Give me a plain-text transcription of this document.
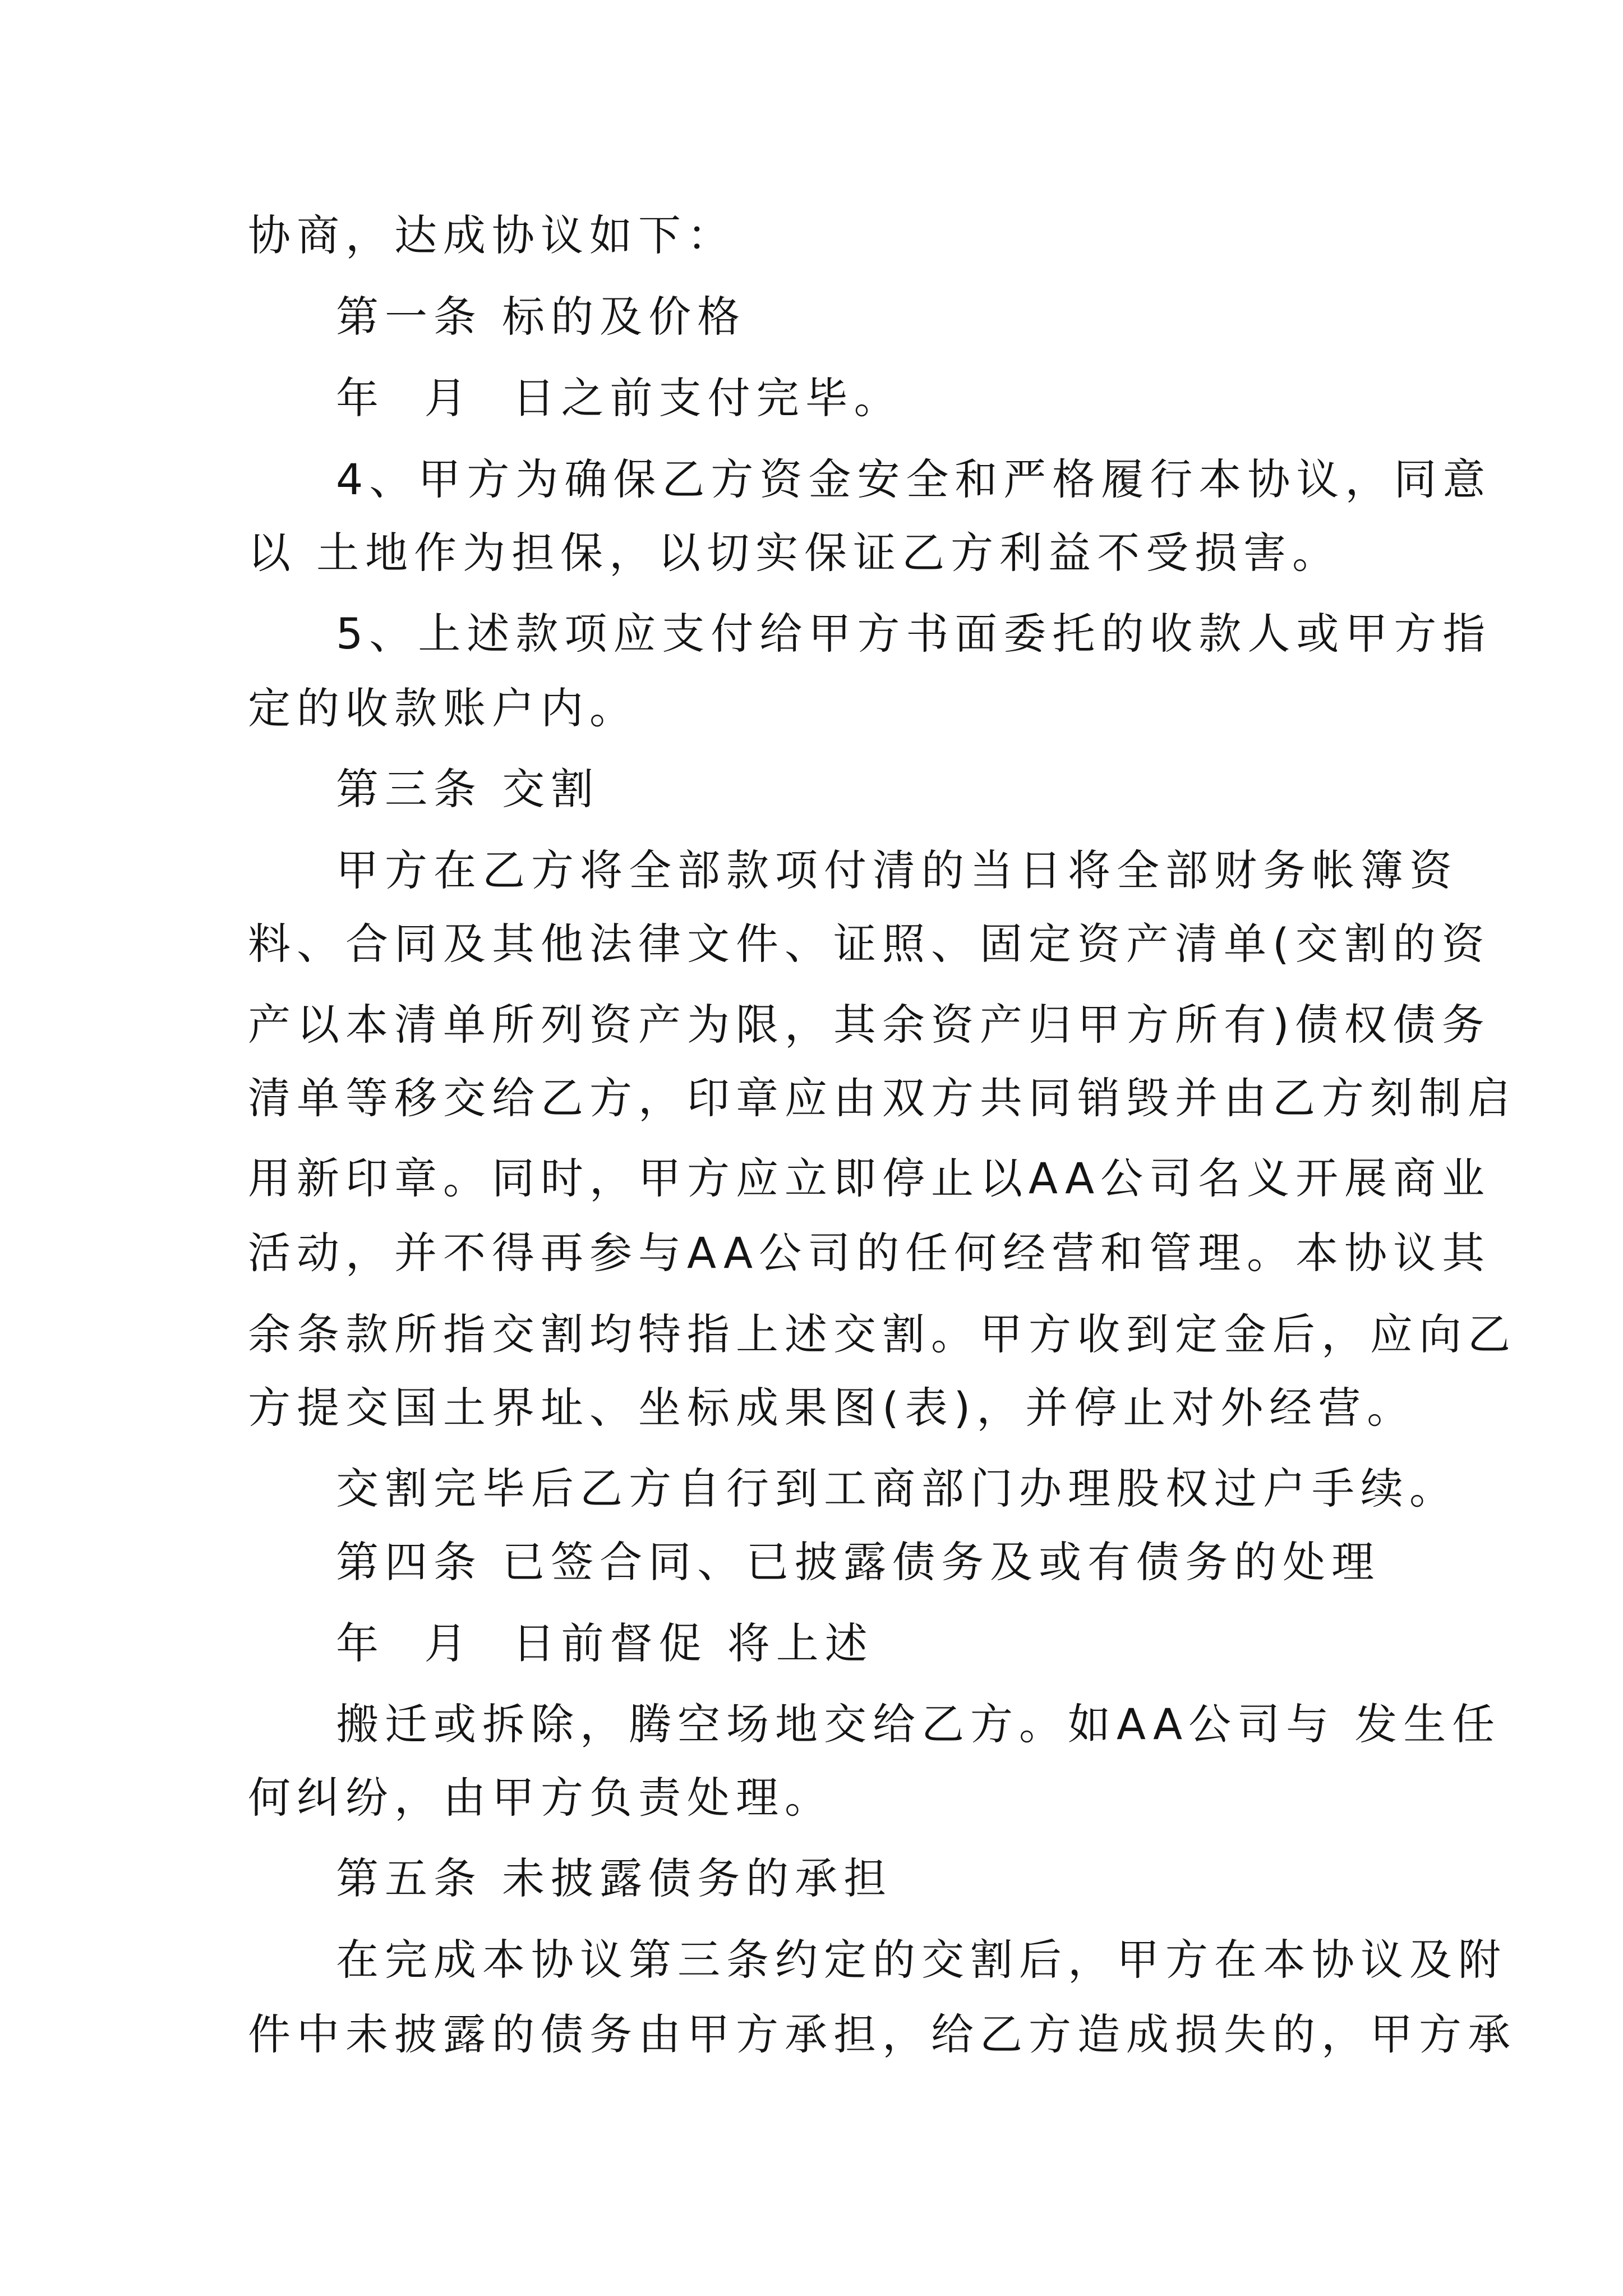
协商，达成协议如下：
第一条 标的及价格
年  月  日之前支付完毕。
4、甲方为确保乙方资金安全和严格履行本协议，同意
以 土地作为担保，以切实保证乙方利益不受损害。
5、上述款项应支付给甲方书面委托的收款人或甲方指
定的收款账户内。
第三条 交割
甲方在乙方将全部款项付清的当日将全部财务帐簿资
料、合同及其他法律文件、证照、固定资产清单(交割的资
产以本清单所列资产为限，其余资产归甲方所有)债权债务
清单等移交给乙方，印章应由双方共同销毁并由乙方刻制启
用新印章。同时，甲方应立即停止以AA公司名义开展商业
活动，并不得再参与AA公司的任何经营和管理。本协议其
余条款所指交割均特指上述交割。甲方收到定金后，应向乙
方提交国土界址、坐标成果图(表)，并停止对外经营。
交割完毕后乙方自行到工商部门办理股权过户手续。
第四条 已签合同、已披露债务及或有债务的处理
年  月  日前督促 将上述
搬迁或拆除，腾空场地交给乙方。如AA公司与 发生任
何纠纷，由甲方负责处理。
第五条 未披露债务的承担
在完成本协议第三条约定的交割后，甲方在本协议及附
件中未披露的债务由甲方承担，给乙方造成损失的，甲方承
